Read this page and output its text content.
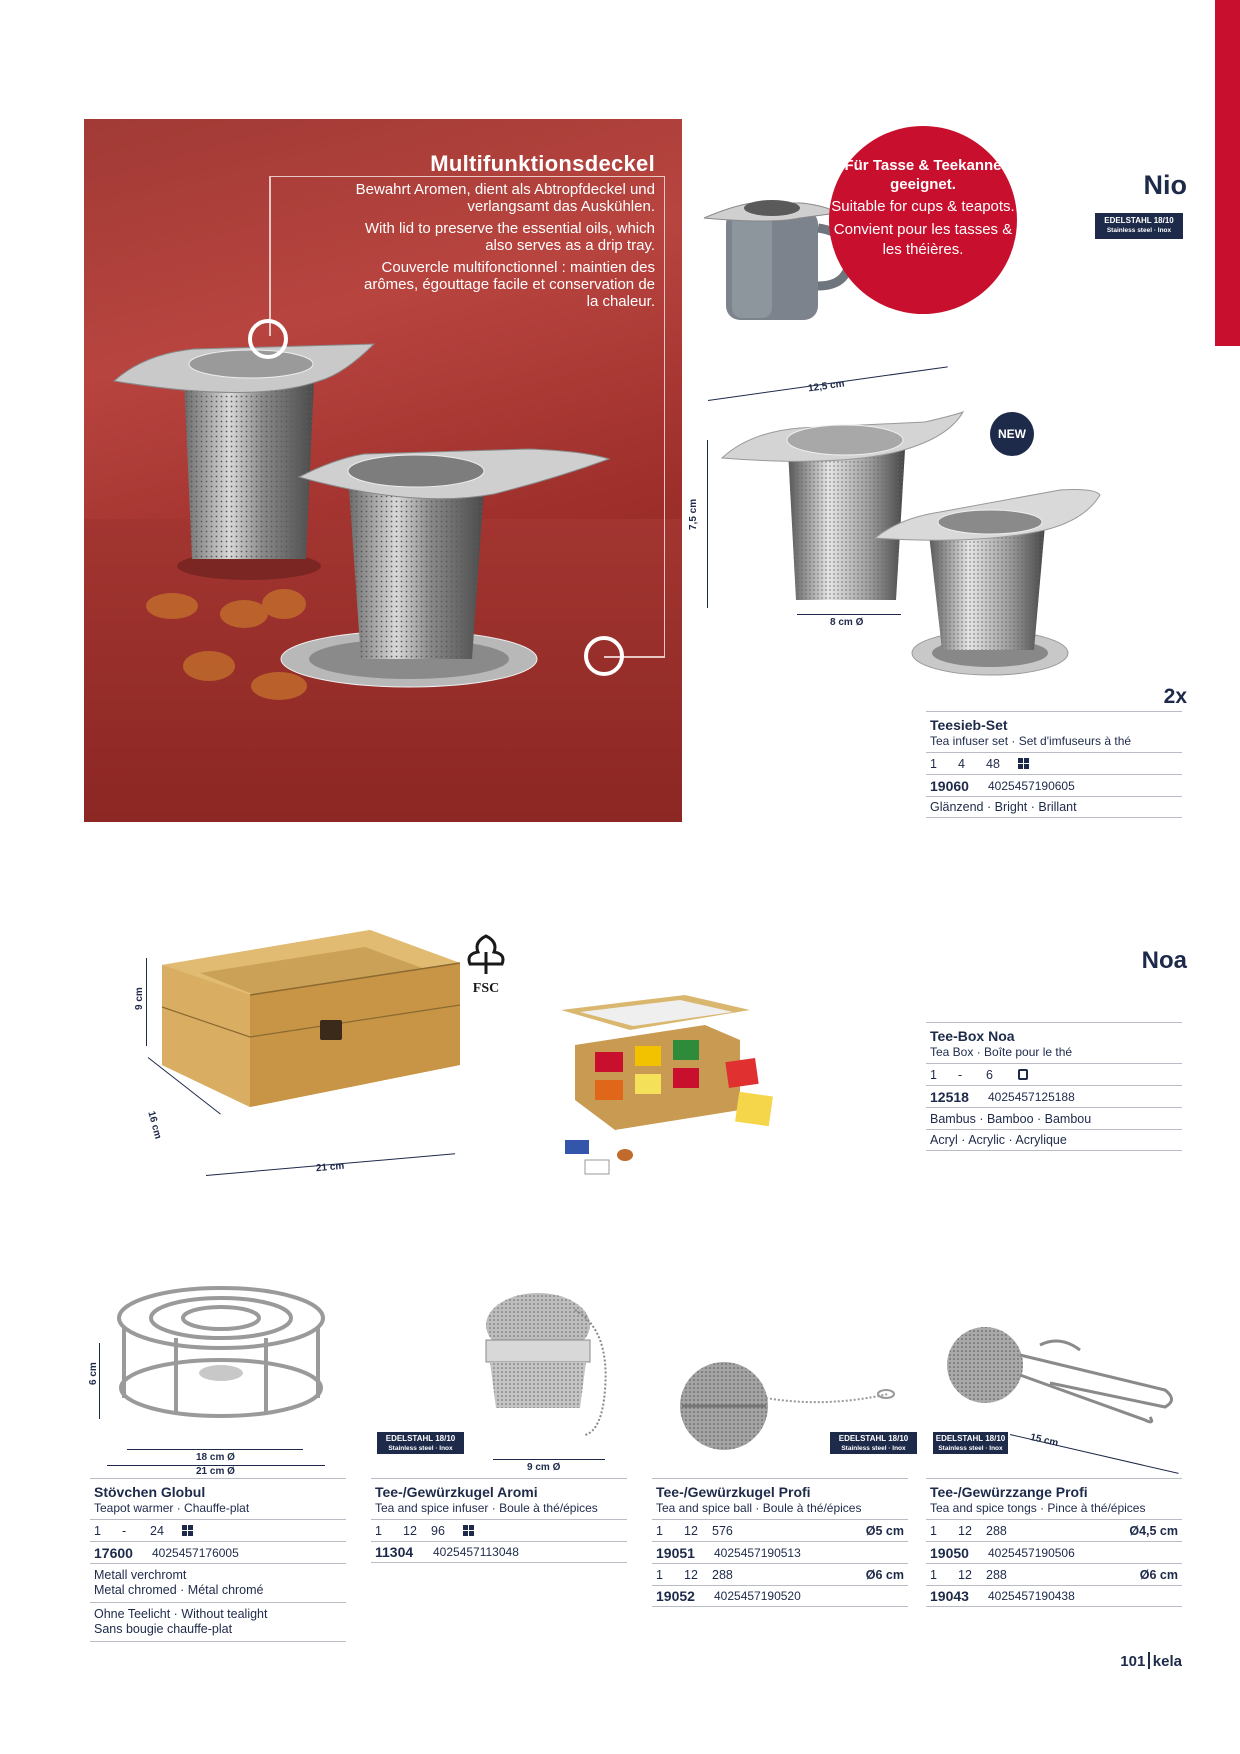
Multifunktionsdeckel
Bewahrt Aromen, dient als Abtropfdeckel und verlangsamt das Auskühlen.
With lid to preserve the essential oils, which also serves as a drip tray.
Couvercle multifonctionnel : maintien des arômes, égouttage facile et conservation de la chaleur.
Für Tasse & Teekanne geeignet.
Suitable for cups & teapots.
Convient pour les tasses & les théières.
Nio
EDELSTAHL 18/10
Stainless steel · Inox
NEW
12,5 cm
7,5 cm
8 cm Ø
2x
Teesieb-Set
Tea infuser set · Set d'imfuseurs à thé
1	4	48
19060	4025457190605
Glänzend · Bright · Brillant
9 cm
16 cm
21 cm
FSC
Noa
Tee-Box Noa
Tea Box · Boîte pour le thé
1	-	6
12518	4025457125188
Bambus · Bamboo · Bambou
Acryl · Acrylic · Acrylique
6 cm
18 cm Ø
21 cm Ø
Stövchen Globul
Teapot warmer · Chauffe-plat
1	-	24
17600	4025457176005
Metall verchromt
Metal chromed · Métal chromé
Ohne Teelicht · Without tealight
Sans bougie chauffe-plat
EDELSTAHL 18/10
Stainless steel · Inox
9 cm Ø
Tee-/Gewürzkugel Aromi
Tea and spice infuser · Boule à thé/épices
1	12	96
11304	4025457113048
EDELSTAHL 18/10
Stainless steel · Inox
Tee-/Gewürzkugel Profi
Tea and spice ball · Boule à thé/épices
1	12	576	Ø5 cm
19051	4025457190513
1	12	288	Ø6 cm
19052	4025457190520
EDELSTAHL 18/10
Stainless steel · Inox	15 cm
Tee-/Gewürzzange Profi
Tea and spice tongs · Pince à thé/épices
1	12	288	Ø4,5 cm
19050	4025457190506
1	12	288	Ø6 cm
19043	4025457190438
101 kela
